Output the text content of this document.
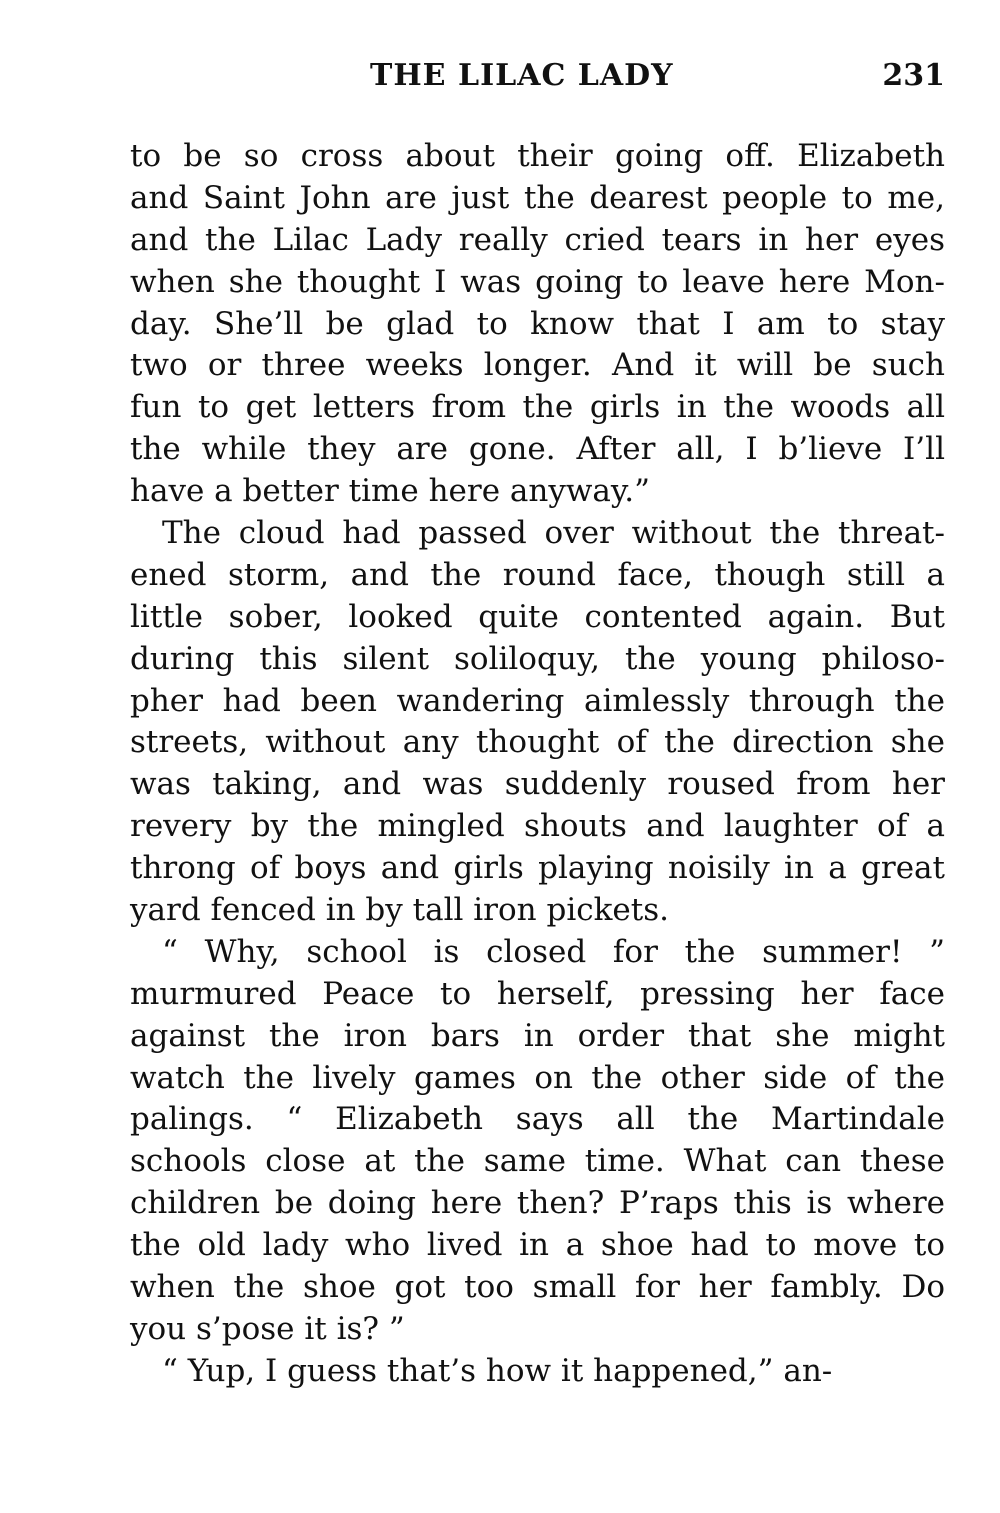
THE LILAC LADY	231
to be so cross about their going off. Elizabeth
and Saint John are just the dearest people to me,
and the Lilac Lady really cried tears in her eyes
when she thought I was going to leave here Mon-
day. She’ll be glad to know that I am to stay
two or three weeks longer. And it will be such
fun to get letters from the girls in the woods all
the while they are gone. After all, I b’lieve I’ll
have a better time here anyway.”
The cloud had passed over without the threat-
ened storm, and the round face, though still a
little sober, looked quite contented again. But
during this silent soliloquy, the young philoso-
pher had been wandering aimlessly through the
streets, without any thought of the direction she
was taking, and was suddenly roused from her
revery by the mingled shouts and laughter of a
throng of boys and girls playing noisily in a great
yard fenced in by tall iron pickets.
“ Why, school is closed for the summer! ”
murmured Peace to herself, pressing her face
against the iron bars in order that she might
watch the lively games on the other side of the
palings. “ Elizabeth says all the Martindale
schools close at the same time. What can these
children be doing here then? P’raps this is where
the old lady who lived in a shoe had to move to
when the shoe got too small for her fambly. Do
you s’pose it is? ”
“ Yup, I guess that’s how it happened,” an-
